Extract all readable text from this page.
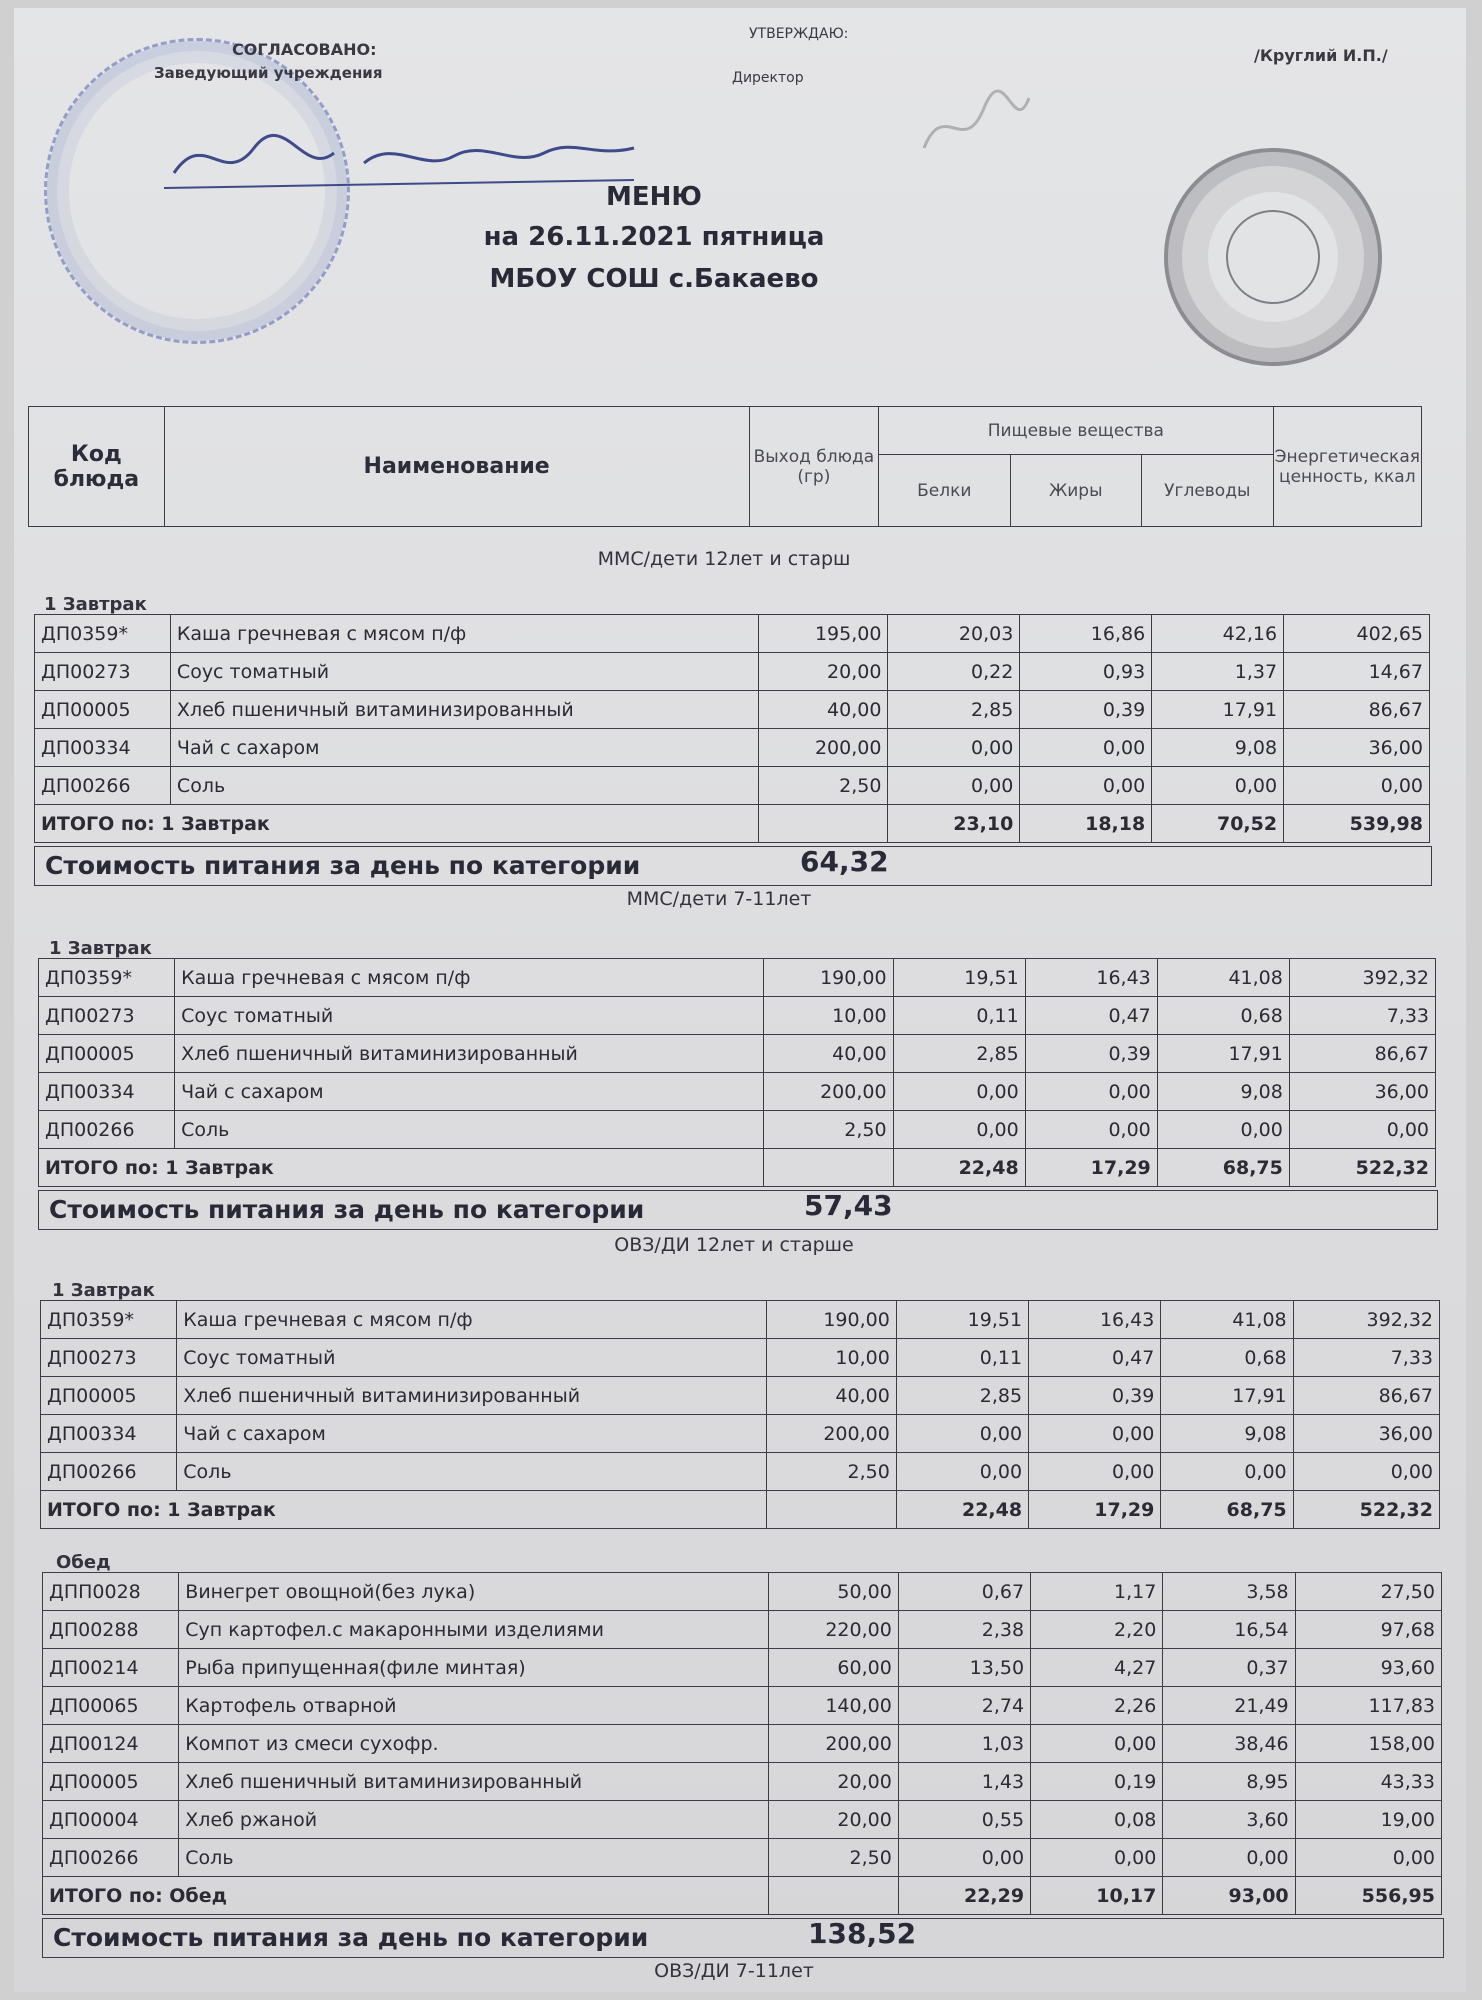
СОГЛАСОВАНО:
Заведующий учреждения
УТВЕРЖДАЮ:
Директор
/Круглий И.П./
МЕНЮ
на 26.11.2021 пятница
МБОУ СОШ с.Бакаево
Код блюда	Наименование	Выход блюда (гр)	Пищевые вещества			Энергетическая ценность, ккал
			Белки	Жиры	Углеводы	
ММС/дети 12лет и старш
1 Завтрак
ДП0359*	Каша гречневая с мясом п/ф	195,00	20,03	16,86	42,16	402,65
ДП00273	Соус томатный	20,00	0,22	0,93	1,37	14,67
ДП00005	Хлеб пшеничный витаминизированный	40,00	2,85	0,39	17,91	86,67
ДП00334	Чай с сахаром	200,00	0,00	0,00	9,08	36,00
ДП00266	Соль	2,50	0,00	0,00	0,00	0,00
ИТОГО по: 1 Завтрак			23,10	18,18	70,52	539,98
Стоимость питания за день по категории	64,32
ММС/дети 7-11лет
1 Завтрак
ДП0359*	Каша гречневая с мясом п/ф	190,00	19,51	16,43	41,08	392,32
ДП00273	Соус томатный	10,00	0,11	0,47	0,68	7,33
ДП00005	Хлеб пшеничный витаминизированный	40,00	2,85	0,39	17,91	86,67
ДП00334	Чай с сахаром	200,00	0,00	0,00	9,08	36,00
ДП00266	Соль	2,50	0,00	0,00	0,00	0,00
ИТОГО по: 1 Завтрак			22,48	17,29	68,75	522,32
Стоимость питания за день по категории	57,43
ОВЗ/ДИ 12лет и старше
1 Завтрак
ДП0359*	Каша гречневая с мясом п/ф	190,00	19,51	16,43	41,08	392,32
ДП00273	Соус томатный	10,00	0,11	0,47	0,68	7,33
ДП00005	Хлеб пшеничный витаминизированный	40,00	2,85	0,39	17,91	86,67
ДП00334	Чай с сахаром	200,00	0,00	0,00	9,08	36,00
ДП00266	Соль	2,50	0,00	0,00	0,00	0,00
ИТОГО по: 1 Завтрак			22,48	17,29	68,75	522,32
Обед
ДПП0028	Винегрет овощной(без лука)	50,00	0,67	1,17	3,58	27,50
ДП00288	Суп картофел.с макаронными изделиями	220,00	2,38	2,20	16,54	97,68
ДП00214	Рыба припущенная(филе минтая)	60,00	13,50	4,27	0,37	93,60
ДП00065	Картофель отварной	140,00	2,74	2,26	21,49	117,83
ДП00124	Компот из смеси сухофр.	200,00	1,03	0,00	38,46	158,00
ДП00005	Хлеб пшеничный витаминизированный	20,00	1,43	0,19	8,95	43,33
ДП00004	Хлеб ржаной	20,00	0,55	0,08	3,60	19,00
ДП00266	Соль	2,50	0,00	0,00	0,00	0,00
ИТОГО по: Обед			22,29	10,17	93,00	556,95
Стоимость питания за день по категории	138,52
ОВЗ/ДИ 7-11лет
